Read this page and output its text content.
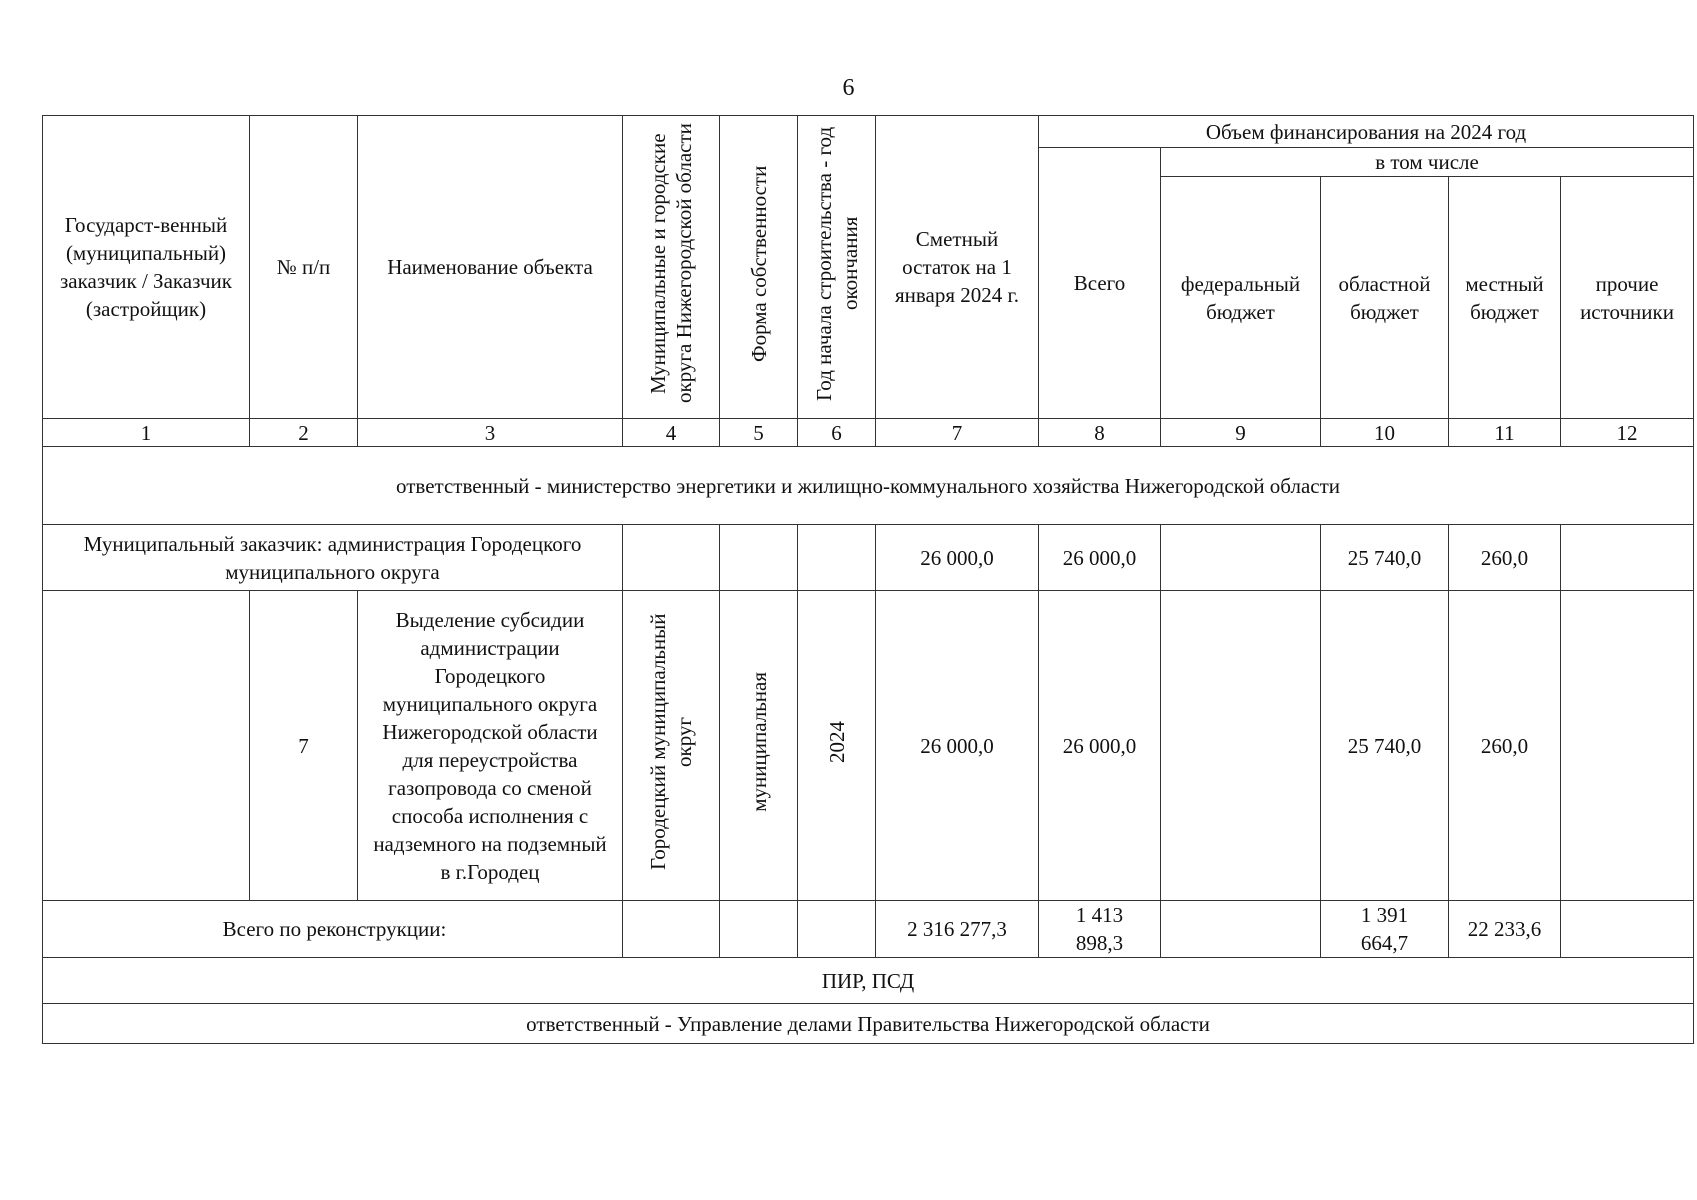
6
Государст-венный (муниципальный) заказчик / Заказчик (застройщик)	№ п/п	Наименование объекта	Муниципальные и городские округа Нижегородской области	Форма собственности	Год начала строительства - год окончания	Сметный остаток на 1 января 2024 г.	Объем финансирования на 2024 год				
							Всего	в том числе			
								федеральный бюджет	областной бюджет	местный бюджет	прочие источники
1	2	3	4	5	6	7	8	9	10	11	12
ответственный - министерство энергетики и жилищно-коммунального хозяйства Нижегородской области											
Муниципальный заказчик: администрация Городецкого муниципального округа						26 000,0	26 000,0		25 740,0	260,0	
	7	Выделение субсидии администрации Городецкого муниципального округа Нижегородской области для переустройства газопровода со сменой способа исполнения с надземного на подземный в г.Городец	Городецкий муниципальный округ	муниципальная	2024	26 000,0	26 000,0		25 740,0	260,0	
Всего по реконструкции:						2 316 277,3	1 413 898,3		1 391 664,7	22 233,6	
ПИР, ПСД											
ответственный - Управление делами Правительства Нижегородской области											
